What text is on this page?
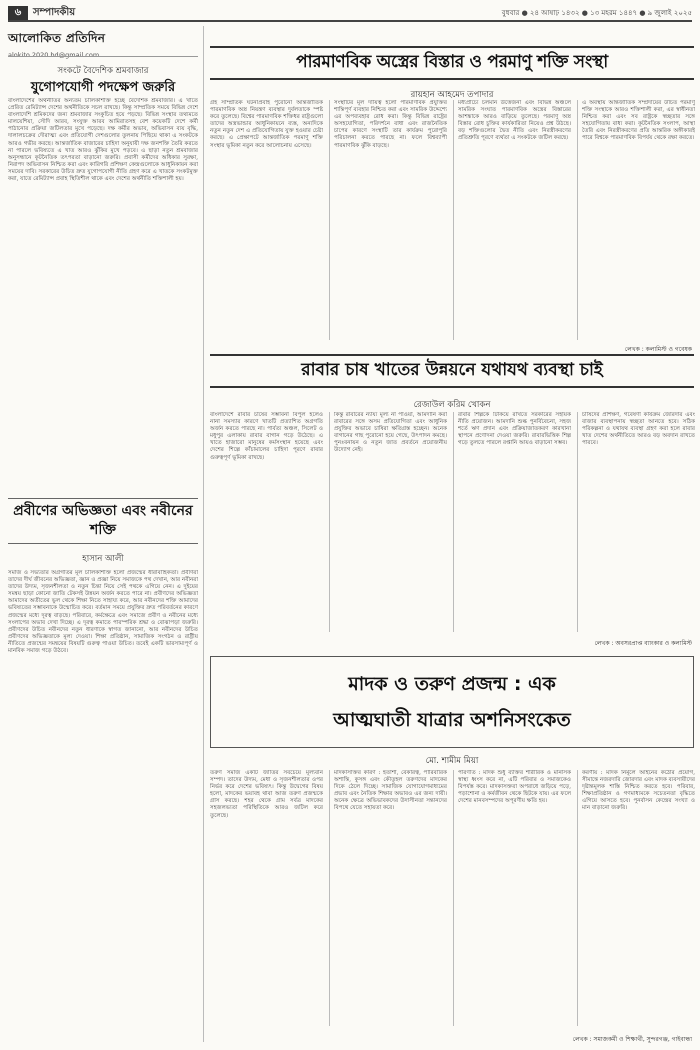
৬	সম্পাদকীয়	বুধবার ● ২৪ আষাঢ় ১৪৩২ ● ১৩ মহরম ১৪৪৭ ● ৯ জুলাই ২০২৫
আলোকিত প্রতিদিন
alokito.2020.bd@gmail.com
সংকটে বৈদেশিক শ্রমবাজার
যুগোপযোগী পদক্ষেপ জরুরি
বাংলাদেশের অর্থনীতির অন্যতম চালিকাশক্তি হচ্ছে বৈদেশিক শ্রমবাজার। এ খাতে প্রেরিত রেমিট্যান্স দেশের অর্থনীতিকে সচল রাখছে। কিন্তু সাম্প্রতিক সময়ে বিভিন্ন দেশে বাংলাদেশি শ্রমিকদের জন্য শ্রমবাজার সংকুচিত হয়ে পড়ছে। বিভিন্ন সংস্থার তথ্যমতে মালয়েশিয়া, সৌদি আরব, সংযুক্ত আরব আমিরাতসহ বেশ কয়েকটি দেশে কর্মী পাঠানোর প্রক্রিয়া জটিলতার মুখে পড়েছে। দক্ষ কর্মীর অভাব, অভিবাসন ব্যয় বৃদ্ধি, দালালচক্রের দৌরাত্ম্য এবং প্রতিযোগী দেশগুলোর তুলনায় পিছিয়ে থাকা এ সংকটকে আরও গভীর করছে। আন্তর্জাতিক বাজারের চাহিদা অনুযায়ী দক্ষ জনশক্তি তৈরি করতে না পারলে ভবিষ্যতে এ খাত আরও ঝুঁকির মুখে পড়বে। এ ছাড়া নতুন শ্রমবাজার অনুসন্ধানে কূটনৈতিক তৎপরতা বাড়ানো জরুরি। প্রবাসী কর্মীদের অধিকার সুরক্ষা, নিরাপদ অভিবাসন নিশ্চিত করা এবং কারিগরি প্রশিক্ষণ কেন্দ্রগুলোকে আধুনিকায়ন করা সময়ের দাবি। সরকারের উচিত দ্রুত যুগোপযোগী নীতি গ্রহণ করে এ খাতকে সংকটমুক্ত করা, যাতে রেমিট্যান্স প্রবাহ স্থিতিশীল থাকে এবং দেশের অর্থনীতি শক্তিশালী হয়।
প্রবীণের অভিজ্ঞতা এবং নবীনের শক্তি
হাসান আলী
সমাজ ও সভ্যতার অগ্রগতির মূল চালিকাশক্তি হলো প্রজন্মের ধারাবাহিকতা। প্রবীণরা তাদের দীর্ঘ জীবনের অভিজ্ঞতা, জ্ঞান ও প্রজ্ঞা নিয়ে সমাজকে পথ দেখান, আর নবীনরা তাদের উদ্যম, সৃজনশীলতা ও নতুন চিন্তা নিয়ে সেই পথকে এগিয়ে নেন। এ দুইয়ের সমন্বয় ছাড়া কোনো জাতি টেকসই উন্নয়ন অর্জন করতে পারে না। প্রবীণদের অভিজ্ঞতা আমাদের অতীতের ভুল থেকে শিক্ষা নিতে সাহায্য করে, আর নবীনদের শক্তি আমাদের ভবিষ্যতের সম্ভাবনাকে উন্মোচিত করে। বর্তমান সময়ে প্রযুক্তির দ্রুত পরিবর্তনের কারণে প্রজন্মের মধ্যে দূরত্ব বাড়ছে। পরিবারে, কর্মক্ষেত্রে এবং সমাজে প্রবীণ ও নবীনের মধ্যে সংলাপের অভাব দেখা দিচ্ছে। এ দূরত্ব কমাতে পারস্পরিক শ্রদ্ধা ও বোঝাপড়া জরুরি। প্রবীণদের উচিত নবীনদের নতুন ধারণাকে স্বাগত জানানো, আর নবীনদের উচিত প্রবীণদের অভিজ্ঞতাকে মূল্য দেওয়া। শিক্ষা প্রতিষ্ঠান, সামাজিক সংগঠন ও রাষ্ট্রীয় নীতিতে প্রজন্মের সমন্বয়ের বিষয়টি গুরুত্ব পাওয়া উচিত। তবেই একটি ভারসাম্যপূর্ণ ও মানবিক সমাজ গড়ে উঠবে।
পারমাণবিক অস্ত্রের বিস্তার ও পরমাণু শক্তি সংস্থা
রায়হান আহমেদ তপাদার
গ্রহ সাম্প্রতিক ঘটনাপ্রবাহ পুরোনো আন্তর্জাতিক পারমাণবিক অস্ত্র নিয়ন্ত্রণ ব্যবস্থার দুর্বলতাকে স্পষ্ট করে তুলেছে। বিশ্বের পারমাণবিক শক্তিধর রাষ্ট্রগুলো তাদের অস্ত্রভান্ডার আধুনিকায়নে ব্যস্ত, অন্যদিকে নতুন নতুন দেশ এ প্রতিযোগিতায় যুক্ত হওয়ার চেষ্টা করছে। এ প্রেক্ষাপটে আন্তর্জাতিক পরমাণু শক্তি সংস্থার ভূমিকা নতুন করে আলোচনায় এসেছে।
সংস্থাটির মূল দায়িত্ব হলো পারমাণবিক প্রযুক্তির শান্তিপূর্ণ ব্যবহার নিশ্চিত করা এবং সামরিক উদ্দেশ্যে এর অপব্যবহার রোধ করা। কিন্তু বিভিন্ন রাষ্ট্রের অসহযোগিতা, পরিদর্শনে বাধা এবং রাজনৈতিক চাপের কারণে সংস্থাটি তার কার্যক্রম পুরোপুরি পরিচালনা করতে পারছে না। ফলে বিশ্বব্যাপী পারমাণবিক ঝুঁকি বাড়ছে।
মধ্যপ্রাচ্যে চলমান উত্তেজনা এবং বিভিন্ন অঞ্চলে সামরিক সংঘাত পারমাণবিক অস্ত্রের বিস্তারের আশঙ্কাকে আরও বাড়িয়ে তুলেছে। পরমাণু অস্ত্র বিস্তার রোধ চুক্তির কার্যকারিতা নিয়েও প্রশ্ন উঠছে। বড় শক্তিগুলোর দ্বৈত নীতি এবং নিরস্ত্রীকরণের প্রতিশ্রুতি পূরণে ব্যর্থতা এ সংকটকে জটিল করছে।
এ অবস্থায় আন্তর্জাতিক সম্প্রদায়ের উচিত পরমাণু শক্তি সংস্থাকে আরও শক্তিশালী করা, এর স্বাধীনতা নিশ্চিত করা এবং সব রাষ্ট্রকে স্বচ্ছতার সঙ্গে সহযোগিতায় বাধ্য করা। কূটনৈতিক সংলাপ, আস্থা তৈরি এবং নিরস্ত্রীকরণের প্রতি আন্তরিক অঙ্গীকারই পারে বিশ্বকে পারমাণবিক বিপর্যয় থেকে রক্ষা করতে।
লেখক : কলামিস্ট ও গবেষক
রাবার চাষ খাতের উন্নয়নে যথাযথ ব্যবস্থা চাই
রেজাউল করিম খোকন
বাংলাদেশে রাবার চাষের সম্ভাবনা বিপুল হলেও নানা সমস্যার কারণে খাতটি প্রত্যাশিত অগ্রগতি অর্জন করতে পারছে না। পার্বত্য অঞ্চল, সিলেট ও মধুপুর এলাকায় রাবার বাগান গড়ে উঠেছে। এ খাতে হাজারো মানুষের কর্মসংস্থান হয়েছে এবং দেশের শিল্পে কাঁচামালের চাহিদা পূরণে রাবার গুরুত্বপূর্ণ ভূমিকা রাখছে।
কিন্তু রাবারের ন্যায্য মূল্য না পাওয়া, আমদানি করা রাবারের সঙ্গে অসম প্রতিযোগিতা এবং আধুনিক প্রযুক্তির অভাবে চাষিরা ক্ষতিগ্রস্ত হচ্ছেন। অনেক বাগানের গাছ পুরোনো হয়ে গেছে, উৎপাদন কমছে। পুনঃবনায়ন ও নতুন জাত প্রবর্তনে প্রয়োজনীয় উদ্যোগ নেই।
রাবার শিল্পকে টিকিয়ে রাখতে সরকারের সহায়ক নীতি প্রয়োজন। আমদানি শুল্ক পুনর্বিবেচনা, সহজ শর্তে ঋণ প্রদান এবং প্রক্রিয়াজাতকরণ কারখানা স্থাপনে প্রণোদনা দেওয়া জরুরি। রাবারভিত্তিক শিল্প গড়ে তুলতে পারলে রপ্তানি আয়ও বাড়ানো সম্ভব।
চাষিদের প্রশিক্ষণ, গবেষণা কার্যক্রম জোরদার এবং বাজার ব্যবস্থাপনায় স্বচ্ছতা আনতে হবে। সঠিক পরিকল্পনা ও যথাযথ ব্যবস্থা গ্রহণ করা হলে রাবার খাত দেশের অর্থনীতিতে আরও বড় অবদান রাখতে পারবে।
লেখক : অবসরপ্রাপ্ত ব্যাংকার ও কলামিস্ট
মাদক ও তরুণ প্রজন্ম : এক
আত্মঘাতী যাত্রার অশনিসংকেত
মো. শামীম মিয়া
তরুণ সমাজ একটি জাতির সবচেয়ে মূল্যবান সম্পদ। তাদের উদ্যম, মেধা ও সৃজনশীলতার ওপর নির্ভর করে দেশের ভবিষ্যৎ। কিন্তু উদ্বেগের বিষয় হলো, মাদকের ভয়াবহ থাবা আজ তরুণ প্রজন্মকে গ্রাস করছে। শহর থেকে গ্রাম সর্বত্র মাদকের সহজলভ্যতা পরিস্থিতিকে আরও জটিল করে তুলেছে।
মাদকাসক্তির কারণ : হতাশা, বেকারত্ব, পারিবারিক অশান্তি, কুসঙ্গ এবং কৌতূহল তরুণদের মাদকের দিকে ঠেলে দিচ্ছে। সামাজিক যোগাযোগমাধ্যমের প্রভাব এবং নৈতিক শিক্ষার অভাবও এর জন্য দায়ী। অনেক ক্ষেত্রে অভিভাবকদের উদাসীনতা সন্তানদের বিপথে যেতে সহায়তা করে।
পরিণতি : মাদক শুধু ব্যক্তির শারীরিক ও মানসিক স্বাস্থ্য ধ্বংস করে না, এটি পরিবার ও সমাজকেও বিপর্যস্ত করে। মাদকাসক্তরা অপরাধে জড়িয়ে পড়ে, পড়াশোনা ও কর্মজীবন থেকে ছিটকে যায়। এর ফলে দেশের মানবসম্পদের অপূরণীয় ক্ষতি হয়।
করণীয় : মাদক নির্মূলে আইনের কঠোর প্রয়োগ, সীমান্তে নজরদারি জোরদার এবং মাদক ব্যবসায়ীদের দৃষ্টান্তমূলক শাস্তি নিশ্চিত করতে হবে। পরিবার, শিক্ষাপ্রতিষ্ঠান ও গণমাধ্যমকে সচেতনতা বৃদ্ধিতে এগিয়ে আসতে হবে। পুনর্বাসন কেন্দ্রের সংখ্যা ও মান বাড়ানো জরুরি।
লেখক : সমাজকর্মী ও শিক্ষার্থী, সুন্দরগঞ্জ, গাইবান্ধা
